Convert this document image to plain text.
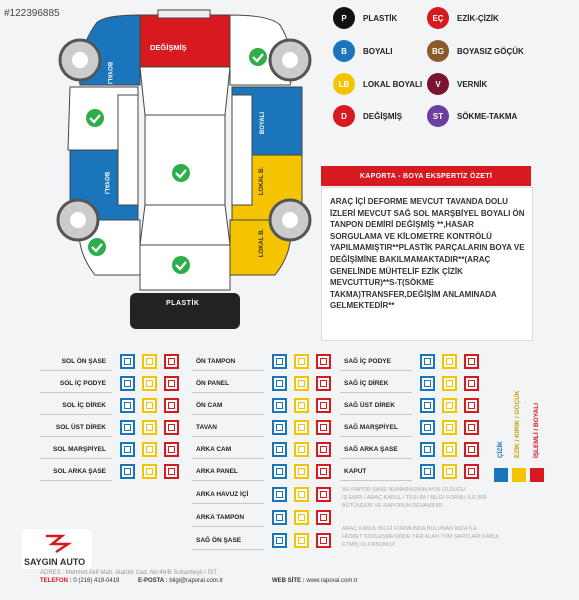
#122396885
DEĞİŞMİŞ
BOYALI
BOYALI
BOYALI
LOKAL B.
LOKAL B.
PLASTİK
P	PLASTİK	EÇ	EZİK-ÇİZİK
B	BOYALI	BG	BOYASIZ GÖÇÜK
LB	LOKAL BOYALI	V	VERNİK
D	DEĞİŞMİŞ	ST	SÖKME-TAKMA
KAPORTA - BOYA EKSPERTİZ ÖZETİ
ARAÇ İÇİ DEFORME MEVCUT TAVANDA DOLU İZLERİ MEVCUT SAĞ SOL MARŞBİYEL BOYALI ÖN TANPON DEMİRİ DEĞİŞMİŞ **,HASAR SORGULAMA VE KİLOMETRE KONTRÖLÜ YAPILMAMIŞTIR**PLASTİK PARÇALARIN BOYA VE DEĞİŞİMİNE BAKILMAMAKTADIR**(ARAÇ GENELİNDE MÜHTELİF EZİK ÇİZİK MEVCUTTUR)**S-T(SÖKME TAKMA)TRANSFER,DEĞİŞİM ANLAMINADA GELMEKTEDİR**
SOL ÖN ŞASE
SOL İÇ PODYE
SOL İÇ DİREK
SOL ÜST DİREK
SOL MARŞPİYEL
SOL ARKA ŞASE
ÖN TAMPON
ÖN PANEL
ÖN CAM
TAVAN
ARKA CAM
ARKA PANEL
ARKA HAVUZ İÇİ
ARKA TAMPON
SAĞ ÖN ŞASE
SAĞ İÇ PODYE
SAĞ İÇ DİREK
SAĞ ÜST DİREK
SAĞ MARŞPİYEL
SAĞ ARKA ŞASE
KAPUT
ÇİZİK EZİK / KIRIK / GÖÇÜK İŞLEMLİ / BOYALI
BU RAPOR ŞASE NUMARASININ AYNI OLDUĞU
İŞ EMRİ / ARAÇ KABUL / TESLİM / BİLGİ FORMU İLE BİR
BÜTÜNDÜR VE RAPORUN DEVAMIDIR.
ARAÇ KABUL BİLGİ FORMUNDA BULUNAN İMZA İLE
HİZMET SÖZLEŞMESİNDE YER ALAN TÜM ŞARTLARI KABUL
ETMİŞ OLURSUNUZ.
SAYGIN AUTO
ADRES : Mehmet Akif Mah. Atatürk Cad. No:46/B Sultanbeyli / İST
TELEFON : 0 (216) 419-0419	E-POSTA : bilgi@raporal.com.tr	WEB SİTE : www.raporal.com.tr
